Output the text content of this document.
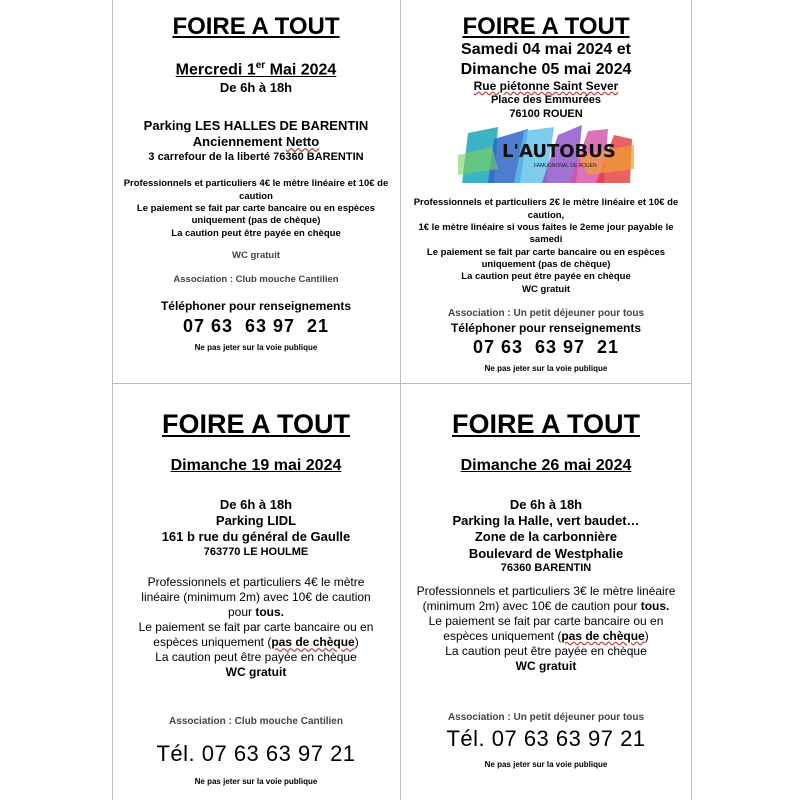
FOIRE A TOUT
Mercredi 1er Mai 2024
De 6h à 18h
Parking LES HALLES DE BARENTIN
Anciennement Netto
3 carrefour de la liberté 76360 BARENTIN
Professionnels et particuliers 4€ le mètre linéaire et 10€ de caution
Le paiement se fait par carte bancaire ou en espèces uniquement (pas de chèque)
La caution peut être payée en chèque
WC gratuit
Association : Club mouche Cantilien
Téléphoner pour renseignements
07 63  63 97  21
Ne pas jeter sur la voie publique
FOIRE A TOUT
Samedi 04 mai 2024 et
Dimanche 05 mai 2024
Rue piétonne Saint Sever
Place des Emmurées
76100 ROUEN
L'AUTOBUS
FAMUGNONAL DE ROUEN
Professionnels et particuliers 2€ le mètre linéaire et 10€ de caution,
1€ le mètre linéaire si vous faites le 2eme jour payable le samedi
Le paiement se fait par carte bancaire ou en espèces uniquement (pas de chèque)
La caution peut être payée en chèque
WC gratuit
Association : Un petit déjeuner pour tous
Téléphoner pour renseignements
07 63  63 97  21
Ne pas jeter sur la voie publique
FOIRE A TOUT
Dimanche 19 mai 2024
De 6h à 18h
Parking LIDL
161 b rue du général de Gaulle
763770 LE HOULME
Professionnels et particuliers 4€ le mètre linéaire (minimum 2m) avec 10€ de caution pour tous.
Le paiement se fait par carte bancaire ou en espèces uniquement (pas de chèque)
La caution peut être payée en chèque
WC gratuit
Association : Club mouche Cantilien
Tél. 07 63 63 97 21
Ne pas jeter sur la voie publique
FOIRE A TOUT
Dimanche 26 mai 2024
De 6h à 18h
Parking la Halle, vert baudet…
Zone de la carbonnière
Boulevard de Westphalie
76360 BARENTIN
Professionnels et particuliers 3€ le mètre linéaire (minimum 2m) avec 10€ de caution pour tous.
Le paiement se fait par carte bancaire ou en espèces uniquement (pas de chèque)
La caution peut être payée en chèque
WC gratuit
Association : Un petit déjeuner pour tous
Tél. 07 63 63 97 21
Ne pas jeter sur la voie publique
